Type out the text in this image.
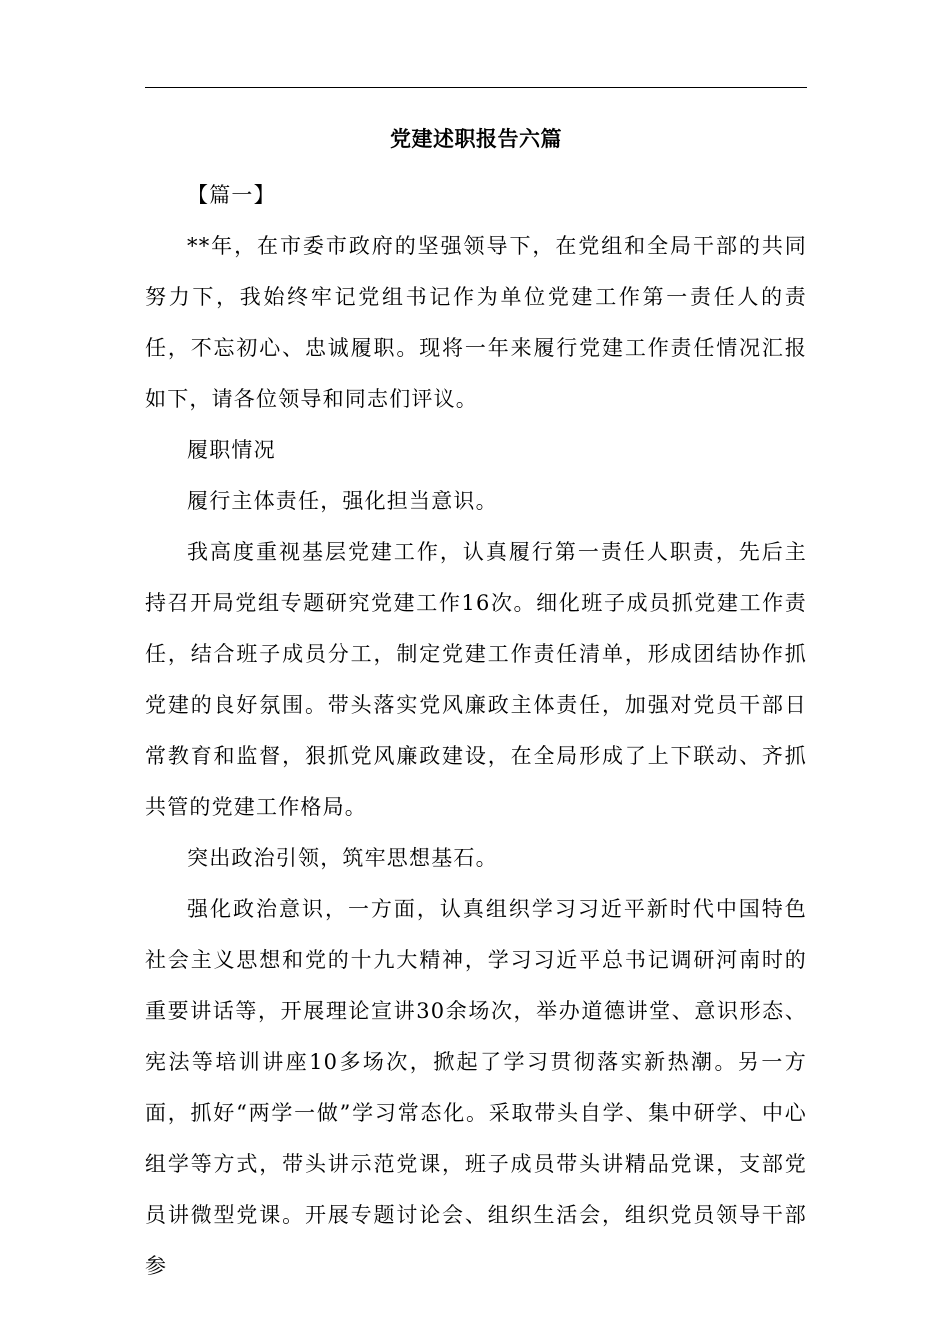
党建述职报告六篇

【篇一】

**年，在市委市政府的坚强领导下，在党组和全局干部的共同努力下，我始终牢记党组书记作为单位党建工作第一责任人的责任，不忘初心、忠诚履职。现将一年来履行党建工作责任情况汇报如下，请各位领导和同志们评议。

履职情况

履行主体责任，强化担当意识。

我高度重视基层党建工作，认真履行第一责任人职责，先后主持召开局党组专题研究党建工作16次。细化班子成员抓党建工作责任，结合班子成员分工，制定党建工作责任清单，形成团结协作抓党建的良好氛围。带头落实党风廉政主体责任，加强对党员干部日常教育和监督，狠抓党风廉政建设，在全局形成了上下联动、齐抓共管的党建工作格局。

突出政治引领，筑牢思想基石。

强化政治意识，一方面，认真组织学习习近平新时代中国特色社会主义思想和党的十九大精神，学习习近平总书记调研河南时的重要讲话等，开展理论宣讲30余场次，举办道德讲堂、意识形态、宪法等培训讲座10多场次，掀起了学习贯彻落实新热潮。另一方面，抓好“两学一做”学习常态化。采取带头自学、集中研学、中心组学等方式，带头讲示范党课，班子成员带头讲精品党课，支部党员讲微型党课。开展专题讨论会、组织生活会，组织党员领导干部参
